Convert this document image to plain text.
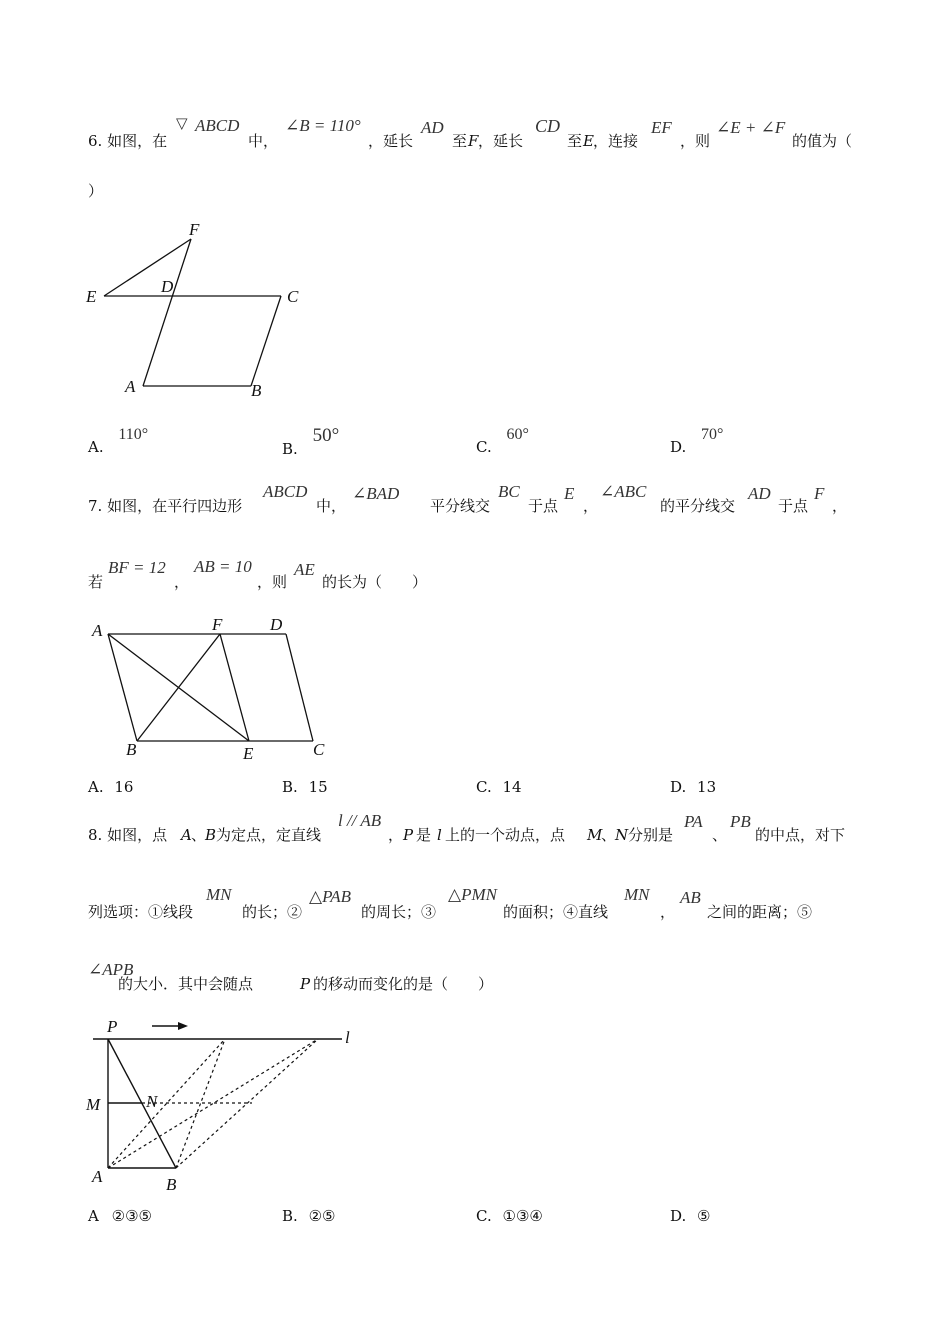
6. 如图，在
▽ ABCD
中，
∠B = 110°
，延长
AD
至 F ，延长
CD
至 E ，连接
EF
，则
∠E + ∠F
的值为（
）
F
D
E	C
A	B
A. 110°
B. 50°
C. 60°
D. 70°
7. 如图，在平行四边形
ABCD
中，
∠BAD
平分线交
BC
于点
E
，
∠ABC
的平分线交
AD
于点
F
，
若
BF = 12
，
AB = 10
，则
AE
的长为（　　）
A	F	D
B	E	C
A. 16	B. 15	C. 14	D. 13
8. 如图，点 A 、
B 为定点，定直线
l // AB
， P 是 l 上的一个动点，点 M
、
N 分别是
PA
、
PB
的中点，对下
列选项：①线段
MN
的长；②
△PAB
的周长；③
△PMN
的面积；④直线
MN
，
AB
之间的距离；⑤
∠APB
的大小．其中会随点	P 的移动而变化的是（　　）
P
l
M	N
A	B
A ②③⑤	B. ②⑤	C. ①③④	D. ⑤
